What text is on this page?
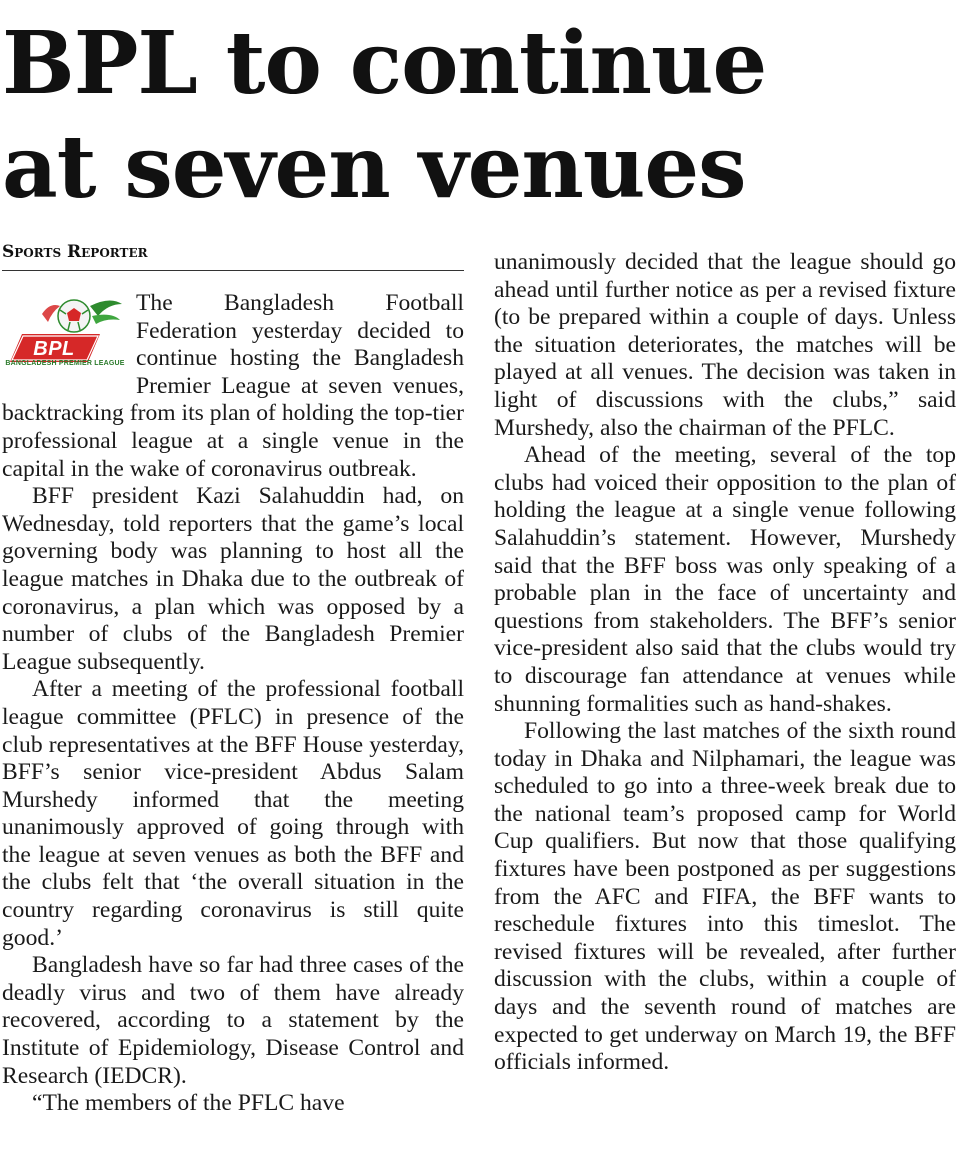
BPL to continue
at seven venues
Sports Reporter
BPL
BANGLADESH PREMIER LEAGUE

The Bangladesh Football Federation yesterday decided to continue hosting the Bangladesh Premier League at seven venues, backtracking from its plan of holding the top-tier professional league at a single venue in the capital in the wake of coronavirus outbreak.

BFF president Kazi Salahuddin had, on Wednesday, told reporters that the game’s local governing body was planning to host all the league matches in Dhaka due to the outbreak of coronavirus, a plan which was opposed by a number of clubs of the Bangladesh Premier League subsequently.

After a meeting of the professional football league committee (PFLC) in presence of the club representatives at the BFF House yesterday, BFF’s senior vice-president Abdus Salam Murshedy informed that the meeting unanimously approved of going through with the league at seven venues as both the BFF and the clubs felt that ‘the overall situation in the country regarding coronavirus is still quite good.’

Bangladesh have so far had three cases of the deadly virus and two of them have already recovered, according to a statement by the Institute of Epidemiology, Disease Control and Research (IEDCR).

“The members of the PFLC have

unanimously decided that the league should go ahead until further notice as per a revised fixture (to be prepared within a couple of days. Unless the situation deteriorates, the matches will be played at all venues. The decision was taken in light of discussions with the clubs,” said Murshedy, also the chairman of the PFLC.

Ahead of the meeting, several of the top clubs had voiced their opposition to the plan of holding the league at a single venue following Salahuddin’s statement. However, Murshedy said that the BFF boss was only speaking of a probable plan in the face of uncertainty and questions from stakeholders. The BFF’s senior vice-president also said that the clubs would try to discourage fan attendance at venues while shunning formalities such as hand-shakes.

Following the last matches of the sixth round today in Dhaka and Nilphamari, the league was scheduled to go into a three-week break due to the national team’s proposed camp for World Cup qualifiers. But now that those qualifying fixtures have been postponed as per suggestions from the AFC and FIFA, the BFF wants to reschedule fixtures into this timeslot. The revised fixtures will be revealed, after further discussion with the clubs, within a couple of days and the seventh round of matches are expected to get underway on March 19, the BFF officials informed.
